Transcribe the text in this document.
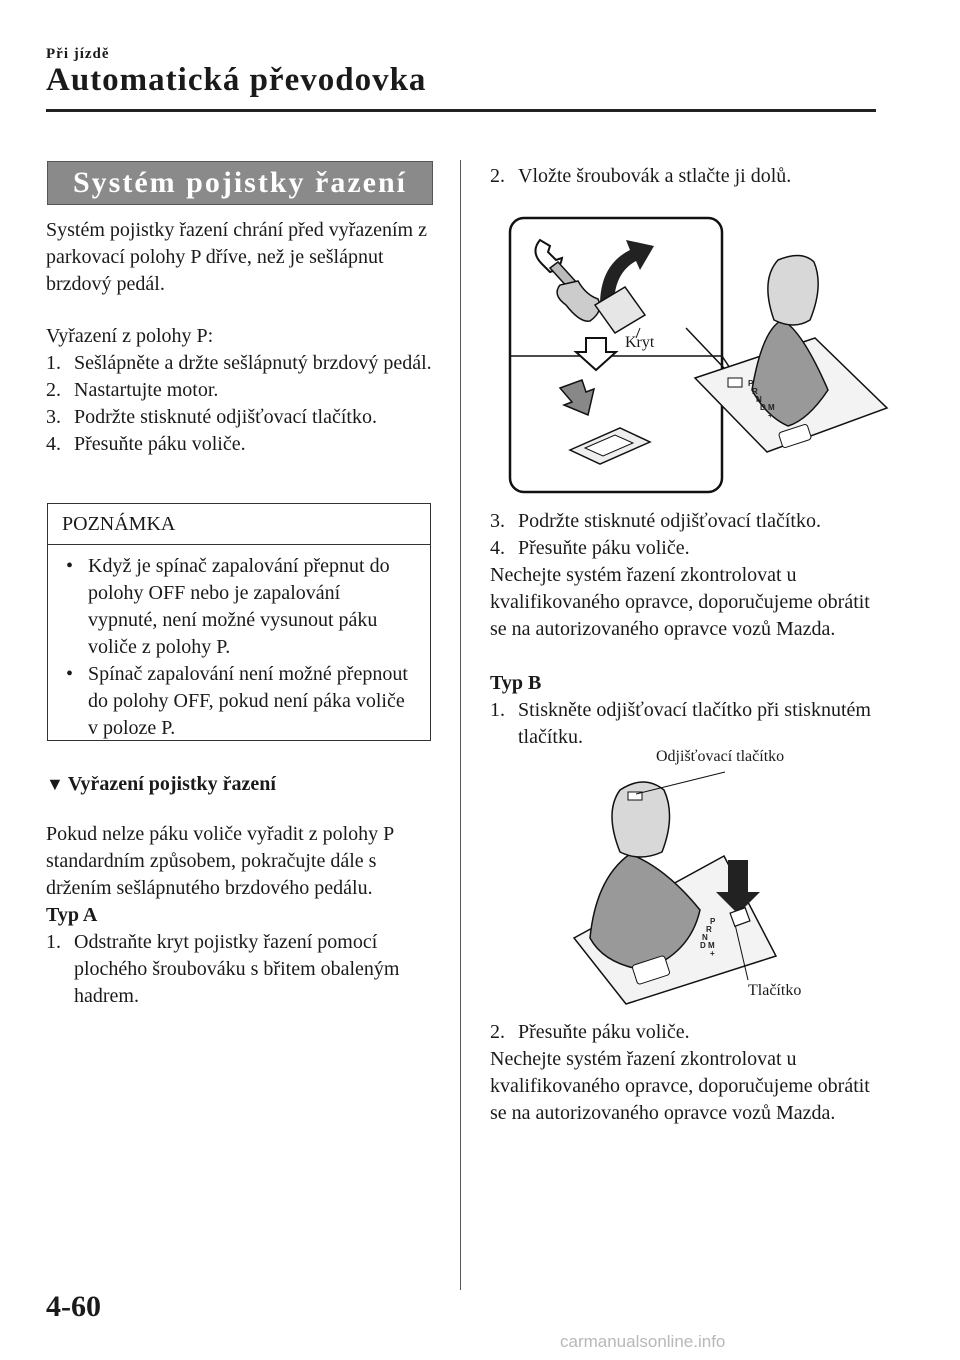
Při jízdě
Automatická převodovka
Systém pojistky řazení
Systém pojistky řazení chrání před vyřazením z parkovací polohy P dříve, než je sešlápnut brzdový pedál.
Vyřazení z polohy P:
1. Sešlápněte a držte sešlápnutý brzdový pedál.
2. Nastartujte motor.
3. Podržte stisknuté odjišťovací tlačítko.
4. Přesuňte páku voliče.
POZNÁMKA
• Když je spínač zapalování přepnut do polohy OFF nebo je zapalování vypnuté, není možné vysunout páku voliče z polohy P.
• Spínač zapalování není možné přepnout do polohy OFF, pokud není páka voliče v poloze P.
▼ Vyřazení pojistky řazení
Pokud nelze páku voliče vyřadit z polohy P standardním způsobem, pokračujte dále s držením sešlápnutého brzdového pedálu.
Typ A
1. Odstraňte kryt pojistky řazení pomocí plochého šroubováku s břitem obaleným hadrem.
2. Vložte šroubovák a stlačte ji dolů.
P
R
N
D M
+
Kryt
3. Podržte stisknuté odjišťovací tlačítko.
4. Přesuňte páku voliče.
Nechejte systém řazení zkontrolovat u kvalifikovaného opravce, doporučujeme obrátit se na autorizovaného opravce vozů Mazda.
Typ B
1. Stiskněte odjišťovací tlačítko při stisknutém tlačítku.
Odjišťovací tlačítko
P
R
N
D M
+
Tlačítko
2. Přesuňte páku voliče.
Nechejte systém řazení zkontrolovat u kvalifikovaného opravce, doporučujeme obrátit se na autorizovaného opravce vozů Mazda.
4-60
carmanualsonline.info
